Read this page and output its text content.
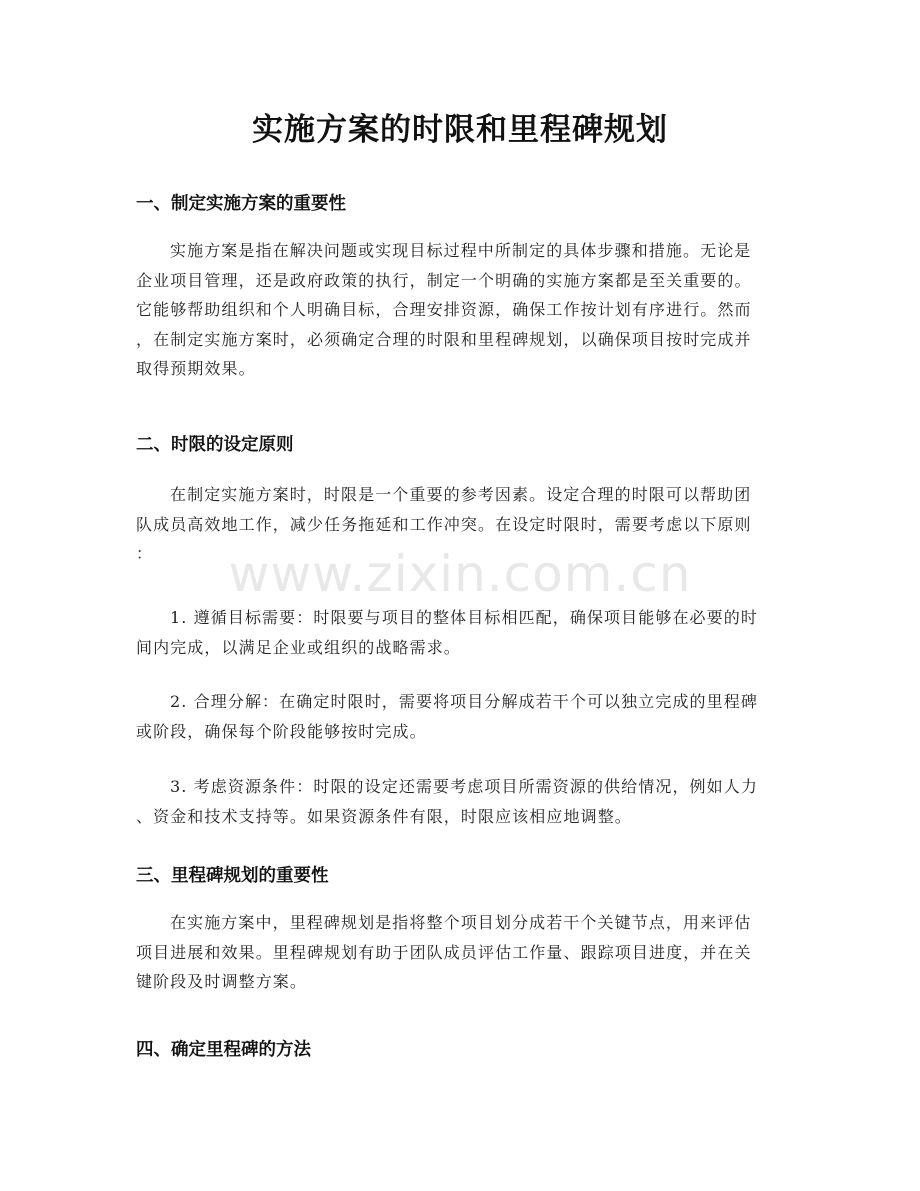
实施方案的时限和里程碑规划
一、制定实施方案的重要性

实施方案是指在解决问题或实现目标过程中所制定的具体步骤和措施。无论是
企业项目管理，还是政府政策的执行，制定一个明确的实施方案都是至关重要的。
它能够帮助组织和个人明确目标，合理安排资源，确保工作按计划有序进行。然而
，在制定实施方案时，必须确定合理的时限和里程碑规划，以确保项目按时完成并
取得预期效果。

二、时限的设定原则

在制定实施方案时，时限是一个重要的参考因素。设定合理的时限可以帮助团
队成员高效地工作，减少任务拖延和工作冲突。在设定时限时，需要考虑以下原则
：

1. 遵循目标需要：时限要与项目的整体目标相匹配，确保项目能够在必要的时
间内完成，以满足企业或组织的战略需求。

2. 合理分解：在确定时限时，需要将项目分解成若干个可以独立完成的里程碑
或阶段，确保每个阶段能够按时完成。

3. 考虑资源条件：时限的设定还需要考虑项目所需资源的供给情况，例如人力
、资金和技术支持等。如果资源条件有限，时限应该相应地调整。

三、里程碑规划的重要性

在实施方案中，里程碑规划是指将整个项目划分成若干个关键节点，用来评估
项目进展和效果。里程碑规划有助于团队成员评估工作量、跟踪项目进度，并在关
键阶段及时调整方案。

四、确定里程碑的方法
www.zixin.com.cn
